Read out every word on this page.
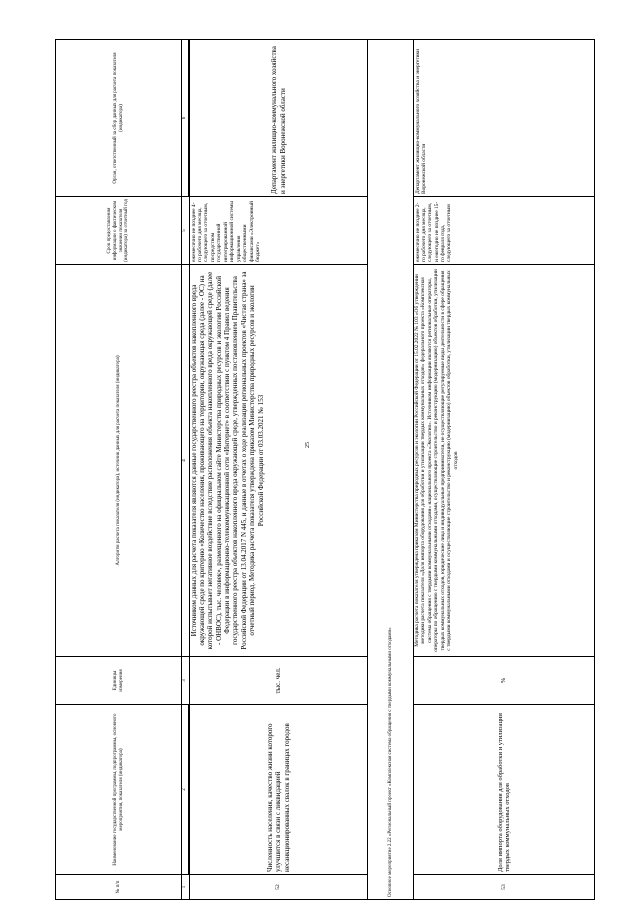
25
№ п/п	Наименование государственной программы, подпрограммы, основного мероприятия, показателя (индикатора)	Единицы измерения	Алгоритм расчета показателя (индикатора), источник данных для расчета показателя (индикатора)	Срок предоставления информации о фактическом значении показателя (индикатора) за отчетный год	Орган, ответственный за сбор данных для расчета показателя (индикатора)
1	2	3	4	5	6
52	Численность населения, качество жизни которого улучшится в связи с ликвидацией несанкционированных свалок в границах городов	тыс. чел.	Источником данных для расчета показателя являются данные государственного реестра объектов накопленного вреда окружающей среде по критерию «Количество населения, проживающего на территории, окружающая среда (далее - ОС) на которой испытывает негативное воздействие вследствие расположения объекта накопленного вреда окружающей среде (далее - ОНВОС), тыс. человек», размещенного на официальном сайте Министерства природных ресурсов и экологии Российской Федерации в информационно-телекоммуникационной сети «Интернет» в соответствии с пунктом 4 Правил ведения государственного реестра объектов накопленного вреда окружающей среде, утвержденных постановлением Правительства Российской Федерации от 13.04.2017 N 445, и данные в отчетах о ходе реализации региональных проектов «Чистая страна» за отчетный период. Методика расчета показателя утверждена приказом Министерства природных ресурсов и экологии Российской Федерации от 03.03.2021 № 153	ежемесячно не позднее 4-го рабочего дня месяца, следующего за отчетным, посредством государственной интегрированной информационной системы управления общественными финансами «Электронный бюджет»	Департамент жилищно-коммунального хозяйства и энергетики Воронежской области
Основное мероприятие 2.22 «Региональный проект «Комплексная система обращения с твердыми коммунальными отходами»					
53	Доля импорта оборудования для обработки и утилизации твердых коммунальных отходов	%	Методика расчета показателя утверждена приказом Министерства природных ресурсов и экологии Российской Федерации от 15.02.2022 № 103 «Об утверждении методики расчета показателя «Доля импорта оборудования для обработки и утилизации твердых коммунальных отходов» федерального проекта «Комплексная система обращения с твердыми коммунальными отходами» национального проекта «Экология». Источником информации являются региональные операторы, операторы по обращению с твердыми коммунальными отходами, осуществляющие строительство и реконструкцию (модернизацию) объектов обработки, утилизации твердых коммунальных отходов, юридические лица и индивидуальные предприниматели, не осуществляющие регулируемые виды деятельности в сфере обращения с твердыми коммунальными отходами и осуществляющие строительство и реконструкцию (модернизацию) объектов обработки, утилизации твердых коммунальных отходов	ежемесячно не позднее 2-го рабочего дня месяца, следующего за отчетным, и ежегодно не позднее 15-го февраля года, следующего за отчетным	Департамент жилищно-коммунального хозяйства и энергетики Воронежской области
